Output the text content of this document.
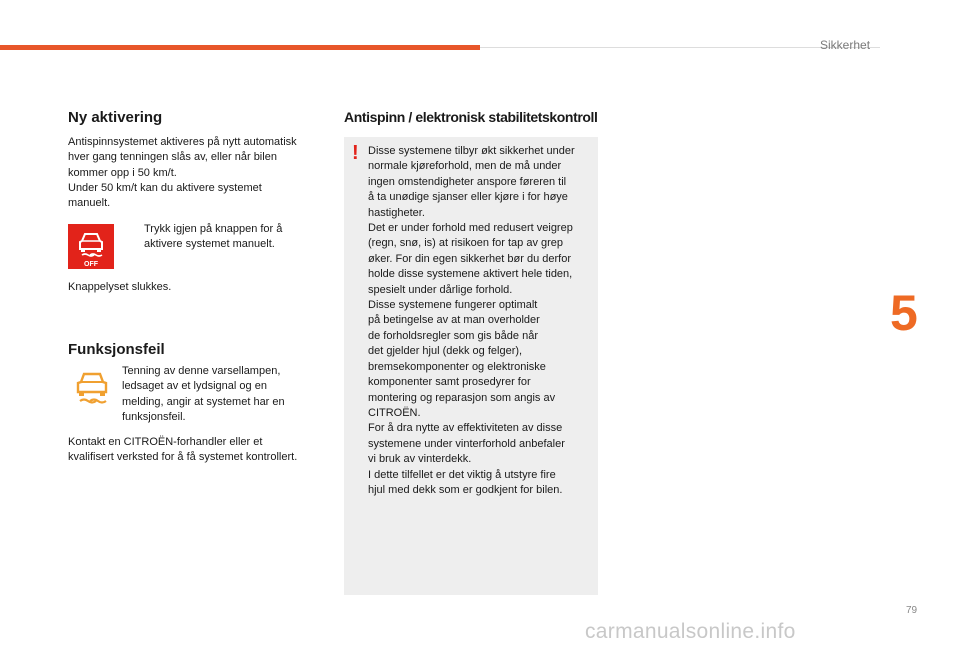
Sikkerhet
5
79
carmanualsonline.info
Ny aktivering
Antispinnsystemet aktiveres på nytt automatisk
hver gang tenningen slås av, eller når bilen
kommer opp i 50 km/t.
Under 50 km/t kan du aktivere systemet
manuelt.
OFF
Trykk igjen på knappen for å
aktivere systemet manuelt.
Knappelyset slukkes.
Funksjonsfeil
Tenning av denne varsellampen,
ledsaget av et lydsignal og en
melding, angir at systemet har en
funksjonsfeil.
Kontakt en CITROËN-forhandler eller et
kvalifisert verksted for å få systemet kontrollert.
Antispinn / elektronisk stabilitetskontroll
! Disse systemene tilbyr økt sikkerhet under
normale kjøreforhold, men de må under
ingen omstendigheter anspore føreren til
å ta unødige sjanser eller kjøre i for høye
hastigheter.
Det er under forhold med redusert veigrep
(regn, snø, is) at risikoen for tap av grep
øker. For din egen sikkerhet bør du derfor
holde disse systemene aktivert hele tiden,
spesielt under dårlige forhold.
Disse systemene fungerer optimalt
på betingelse av at man overholder
de forholdsregler som gis både når
det gjelder hjul (dekk og felger),
bremsekomponenter og elektroniske
komponenter samt prosedyrer for
montering og reparasjon som angis av
CITROËN.
For å dra nytte av effektiviteten av disse
systemene under vinterforhold anbefaler
vi bruk av vinterdekk.
I dette tilfellet er det viktig å utstyre fire
hjul med dekk som er godkjent for bilen.
